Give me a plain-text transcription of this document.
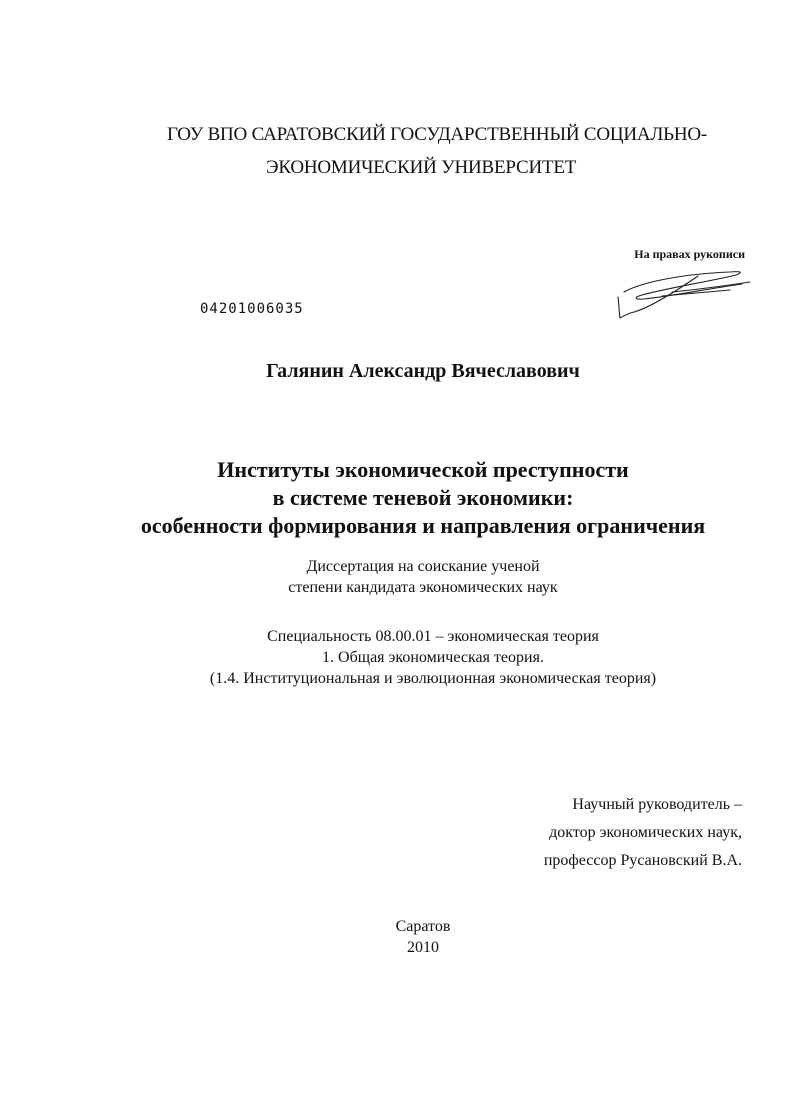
ГОУ ВПО САРАТОВСКИЙ ГОСУДАРСТВЕННЫЙ СОЦИАЛЬНО-
ЭКОНОМИЧЕСКИЙ УНИВЕРСИТЕТ
На правах рукописи
04201006035
Галянин Александр Вячеславович
Институты экономической преступности
в системе теневой экономики:
особенности формирования и направления ограничения
Диссертация на соискание ученой
степени кандидата экономических наук
Специальность 08.00.01 – экономическая теория
1. Общая экономическая теория.
(1.4. Институциональная и эволюционная экономическая теория)
Научный руководитель –
доктор экономических наук,
профессор Русановский В.А.
Саратов
2010
